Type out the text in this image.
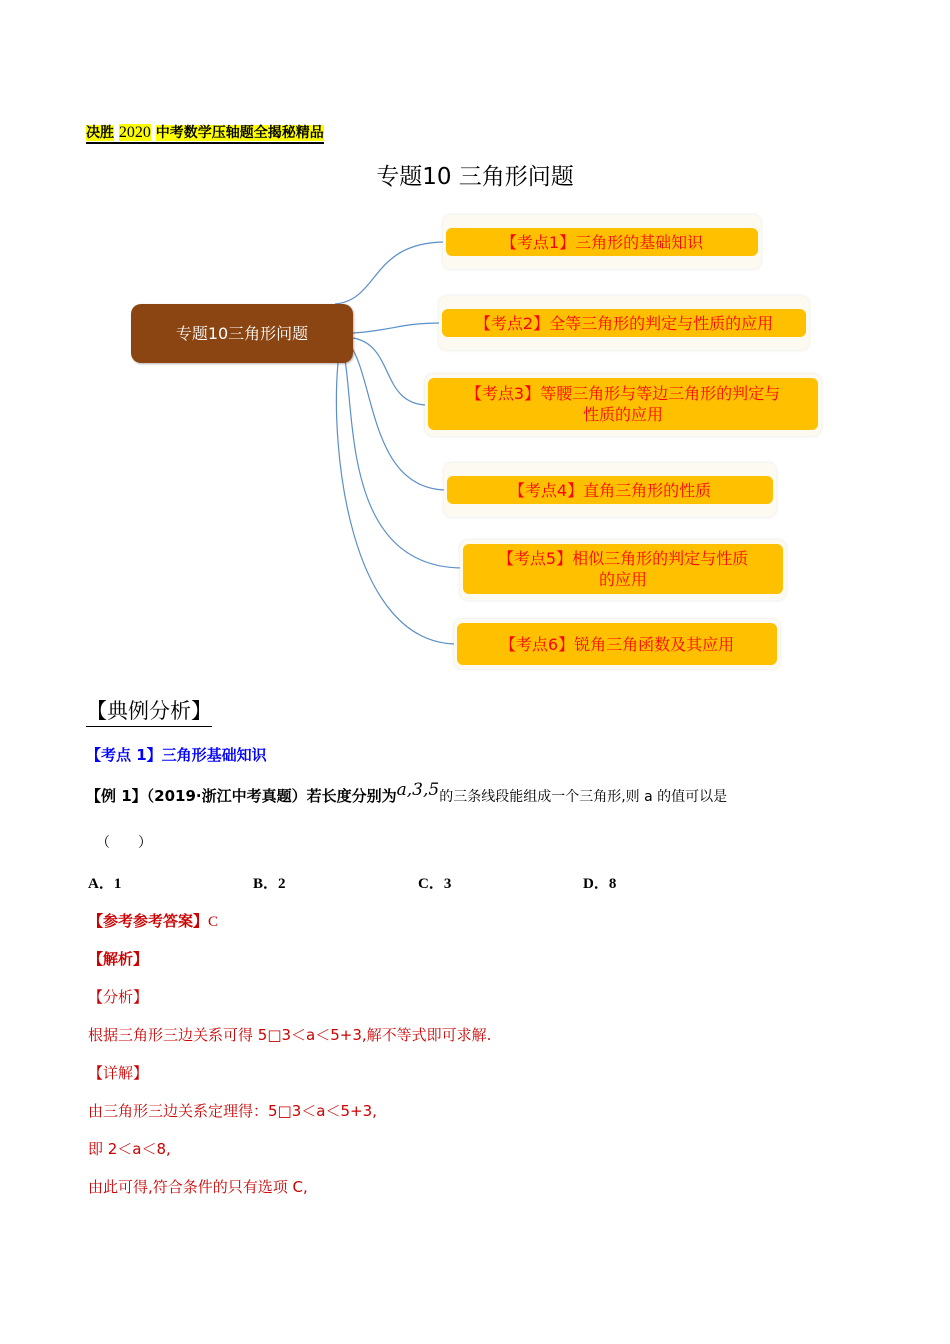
决胜 2020 中考数学压轴题全揭秘精品
专题10 三角形问题
专题10三角形问题
【考点1】三角形的基础知识
【考点2】全等三角形的判定与性质的应用
【考点3】等腰三角形与等边三角形的判定与
性质的应用
【考点4】直角三角形的性质
【考点5】相似三角形的判定与性质
的应用
【考点6】锐角三角函数及其应用
【典例分析】
【考点 1】三角形基础知识
【例 1】（2019·浙江中考真题）若长度分别为a,3,5的三条线段能组成一个三角形,则 a 的值可以是
（　　）
A．1	B．2	C．3	D．8
【参考参考答案】C
【解析】
【分析】
根据三角形三边关系可得 5□3＜a＜5+3,解不等式即可求解.
【详解】
由三角形三边关系定理得：5□3＜a＜5+3,
即 2＜a＜8,
由此可得,符合条件的只有选项 C,
